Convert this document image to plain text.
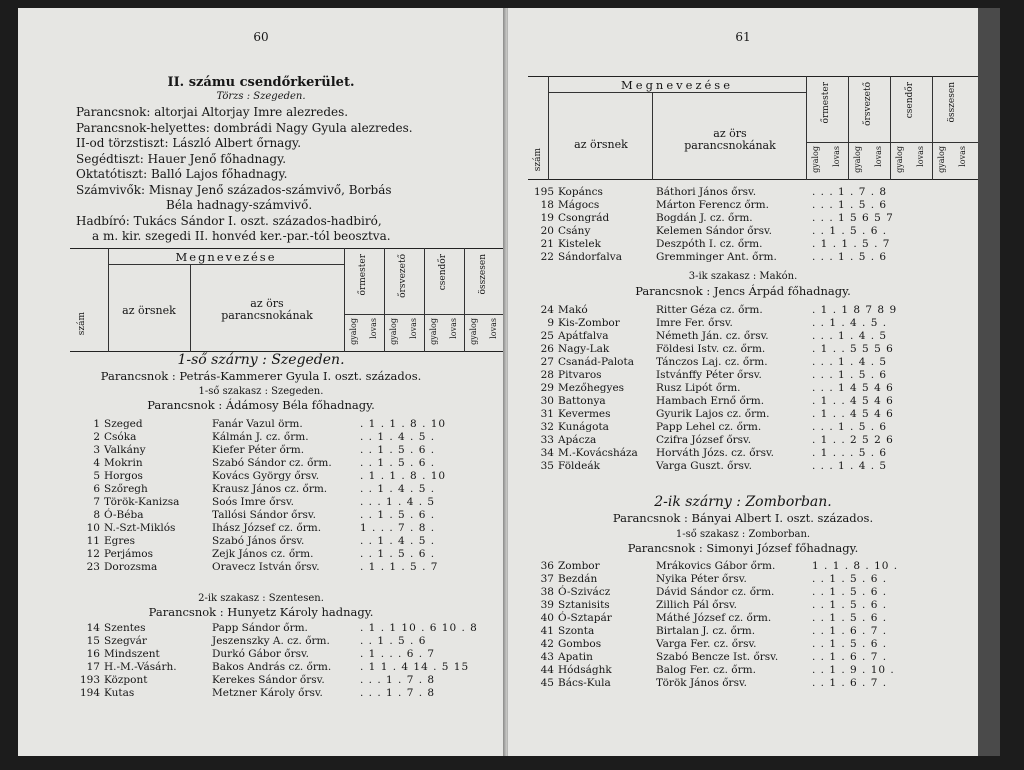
60
II. számu csendőrkerület.
Törzs : Szegeden.
Parancsnok: altorjai Altorjay Imre alezredes.
Parancsnok-helyettes: dombrádi Nagy Gyula alezredes.
II-od törzstiszt: László Albert őrnagy.
Segédtiszt: Hauer Jenő főhadnagy.
Oktatótiszt: Balló Lajos főhadnagy.
Számvivők: Misnay Jenő százados-számvivő, Borbás
Béla hadnagy-számvivő.
Hadbíró: Tukács Sándor I. oszt. százados-hadbiró,
a m. kir. szegedi II. honvéd ker.-par.-tól beosztva.
Megnevezése
szám
az örsnek
az örs parancsnokának
őrmester
gyalog lovas
őrsvezető
gyalog lovas
csendőr
gyalog lovas
összesen
gyalog lovas
1-ső szárny : Szegeden.
Parancsnok : Petrás-Kammerer Gyula I. oszt. százados.
1-ső szakasz : Szegeden.
Parancsnok : Ádámosy Béla főhadnagy.
1 Szeged	Fanár Vazul örm.	. 1 . 1 . 8 . 10
2 Csóka	Kálmán J. cz. őrm.	. . 1 . 4 . 5 .
3 Valkány	Kiefer Péter őrm.	. . 1 . 5 . 6 .
4 Mokrin	Szabó Sándor cz. őrm.	. . 1 . 5 . 6 .
5 Horgos	Kovács György őrsv.	. 1 . 1 . 8 . 10
6 Szőregh	Krausz János cz. őrm.	. . 1 . 4 . 5 .
7 Török-Kanizsa	Soós Imre őrsv.	. . . 1 . 4 . 5
8 Ó-Béba	Tallósi Sándor őrsv.	. . 1 . 5 . 6 .
10 N.-Szt-Miklós	Ihász József cz. őrm.	1 . . . 7 . 8 .
11 Egres	Szabó János őrsv.	. . 1 . 4 . 5 .
12 Perjámos	Zejk János cz. őrm.	. . 1 . 5 . 6 .
23 Dorozsma	Oravecz István őrsv.	. 1 . 1 . 5 . 7
2-ik szakasz : Szentesen.
Parancsnok : Hunyetz Károly hadnagy.
14 Szentes	Papp Sándor őrm.	. 1 . 1 10 . 6 10 . 8
15 Szegvár	Jeszenszky A. cz. őrm.	. . 1 . 5 . 6
16 Mindszent	Durkó Gábor őrsv.	. 1 . . . 6 . 7
17 H.-M.-Vásárh.	Bakos András cz. őrm.	. 1 1 . 4 14 . 5 15
193 Központ	Kerekes Sándor őrsv.	. . . 1 . 7 . 8
194 Kutas	Metzner Károly őrsv.	. . . 1 . 7 . 8
61
Megnevezése
szám
az örsnek
az örs parancsnokának
őrmester
gyalog lovas
őrsvezető
gyalog lovas
csendőr
gyalog lovas
összesen
gyalog lovas
195 Kopáncs	Báthori János őrsv.	. . . 1 . 7 . 8
18 Mágocs	Márton Ferencz őrm.	. . . 1 . 5 . 6
19 Csongrád	Bogdán J. cz. őrm.	. . . 1 5 6 5 7
20 Csány	Kelemen Sándor őrsv.	. . 1 . 5 . 6 .
21 Kistelek	Deszpóth I. cz. őrm.	. 1 . 1 . 5 . 7
22 Sándorfalva	Gremminger Ant. őrm.	. . . 1 . 5 . 6
3-ik szakasz : Makón.
Parancsnok : Jencs Árpád főhadnagy.
24 Makó	Ritter Géza cz. őrm.	. 1 . 1 8 7 8 9
9 Kis-Zombor	Imre Fer. őrsv.	. . 1 . 4 . 5 .
25 Apátfalva	Németh Ján. cz. őrsv.	. . . 1 . 4 . 5
26 Nagy-Lak	Földesi Istv. cz. őrm.	. 1 . . 5 5 5 6
27 Csanád-Palota	Tánczos Laj. cz. őrm.	. . . 1 . 4 . 5
28 Pitvaros	Istvánffy Péter őrsv.	. . . 1 . 5 . 6
29 Mezőhegyes	Rusz Lipót őrm.	. . . 1 4 5 4 6
30 Battonya	Hambach Ernő őrm.	. 1 . . 4 5 4 6
31 Kevermes	Gyurik Lajos cz. őrm.	. 1 . . 4 5 4 6
32 Kunágota	Papp Lehel cz. őrm.	. . . 1 . 5 . 6
33 Apácza	Czifra József őrsv.	. 1 . . 2 5 2 6
34 M.-Kovácsháza	Horváth Józs. cz. őrsv.	. 1 . . . 5 . 6
35 Földeák	Varga Guszt. őrsv.	. . . 1 . 4 . 5
2-ik szárny : Zomborban.
Parancsnok : Bányai Albert I. oszt. százados.
1-ső szakasz : Zomborban.
Parancsnok : Simonyi József főhadnagy.
36 Zombor	Mrákovics Gábor őrm.	1 . 1 . 8 . 10 .
37 Bezdán	Nyika Péter őrsv.	. . 1 . 5 . 6 .
38 Ó-Szivácz	Dávid Sándor cz. őrm.	. . 1 . 5 . 6 .
39 Sztanisits	Zillich Pál őrsv.	. . 1 . 5 . 6 .
40 Ó-Sztapár	Máthé József cz. őrm.	. . 1 . 5 . 6 .
41 Szonta	Birtalan J. cz. őrm.	. . 1 . 6 . 7 .
42 Gombos	Varga Fer. cz. őrsv.	. . 1 . 5 . 6 .
43 Apatin	Szabó Bencze Ist. őrsv.	. . 1 . 6 . 7 .
44 Hódsághk	Balog Fer. cz. őrm.	. . 1 . 9 . 10 .
45 Bács-Kula	Török János őrsv.	. . 1 . 6 . 7 .
